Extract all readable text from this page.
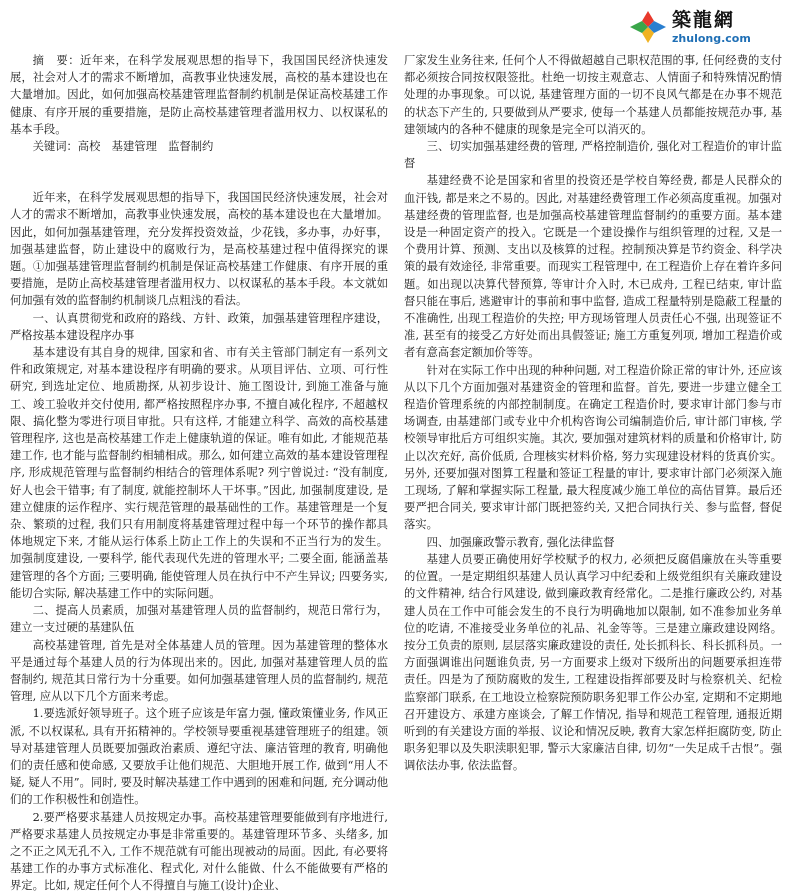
築龍網
zhulong.com

摘　要：近年来，在科学发展观思想的指导下，我国国民经济快速发展，社会对人才的需求不断增加，高教事业快速发展，高校的基本建设也在大量增加。因此，如何加强高校基建管理监督制约机制是保证高校基建工作健康、有序开展的重要措施，是防止高校基建管理者滥用权力、以权谋私的基本手段。

关键词：高校　基建管理　监督制约

近年来，在科学发展观思想的指导下，我国国民经济快速发展，社会对人才的需求不断增加，高教事业快速发展，高校的基本建设也在大量增加。因此，如何加强基建管理，充分发挥投资效益，少花钱，多办事，办好事，加强基建监督，防止建设中的腐败行为，是高校基建过程中值得探究的课题。①加强基建管理监督制约机制是保证高校基建工作健康、有序开展的重要措施，是防止高校基建管理者滥用权力、以权谋私的基本手段。本文就如何加强有效的监督制约机制谈几点粗浅的看法。

一、认真贯彻党和政府的路线、方针、政策，加强基建管理程序建设，严格按基本建设程序办事

基本建设有其自身的规律, 国家和省、市有关主管部门制定有一系列文件和政策规定, 对基本建设程序有明确的要求。从项目评估、立项、可行性研究, 到选址定位、地质勘探, 从初步设计、施工图设计, 到施工准备与施工、竣工验收并交付使用, 都严格按照程序办事, 不擅自减化程序, 不超越权限、搞化整为零进行项目审批。只有这样, 才能建立科学、高效的高校基建管理程序, 这也是高校基建工作走上健康轨道的保证。唯有如此, 才能规范基建工作, 也才能与监督制约相辅相成。那么, 如何建立高效的基本建设管理程序, 形成规范管理与监督制约相结合的管理体系呢? 列宁曾说过: “没有制度, 好人也会干错事; 有了制度, 就能控制坏人干坏事。”因此, 加强制度建设, 是建立健康的运作程序、实行规范管理的最基础性的工作。基建管理是一个复杂、繁琐的过程, 我们只有用制度将基建管理过程中每一个环节的操作都具体地规定下来, 才能从运行体系上防止工作上的失误和不正当行为的发生。加强制度建设, 一要科学, 能代表现代先进的管理水平; 二要全面, 能涵盖基建管理的各个方面; 三要明确, 能使管理人员在执行中不产生异议; 四要务实, 能切合实际, 解决基建工作中的实际问题。

二、提高人员素质，加强对基建管理人员的监督制约，规范日常行为，建立一支过硬的基建队伍

高校基建管理, 首先是对全体基建人员的管理。因为基建管理的整体水平是通过每个基建人员的行为体现出来的。因此, 加强对基建管理人员的监督制约, 规范其日常行为十分重要。如何加强基建管理人员的监督制约, 规范管理, 应从以下几个方面来考虑。

1.要选派好领导班子。这个班子应该是年富力强, 懂政策懂业务, 作风正派, 不以权谋私, 具有开拓精神的。学校领导要重视基建管理班子的组建。领导对基建管理人员既要加强政治素质、遵纪守法、廉洁管理的教育, 明确他们的责任感和使命感, 又要放手让他们规范、大胆地开展工作, 做到“用人不疑, 疑人不用”。同时, 要及时解决基建工作中遇到的困难和问题, 充分调动他们的工作积极性和创造性。

2.要严格要求基建人员按规定办事。高校基建管理要能做到有序地进行, 严格要求基建人员按规定办事是非常重要的。基建管理环节多、头绪多, 加之不正之风无孔不入, 工作不规范就有可能出现被动的局面。因此, 有必要将基建工作的办事方式标准化、程式化, 对什么能做、什么不能做要有严格的界定。比如, 规定任何个人不得擅自与施工(设计)企业、

厂家发生业务往来, 任何个人不得做超越自己职权范围的事, 任何经费的支付都必须按合同按权限签批。杜绝一切按主观意志、人情面子和特殊情况酌情处理的办事现象。可以说, 基建管理方面的一切不良风气都是在办事不规范的状态下产生的, 只要做到从严要求, 使每一个基建人员都能按规范办事, 基建领域内的各种不健康的现象是完全可以消灭的。

三、切实加强基建经费的管理, 严格控制造价, 强化对工程造价的审计监督

基建经费不论是国家和省里的投资还是学校自筹经费, 都是人民群众的血汗钱, 都是来之不易的。因此, 对基建经费管理工作必须高度重视。加强对基建经费的管理监督, 也是加强高校基建管理监督制约的重要方面。基本建设是一种固定资产的投入。它既是一个建设操作与组织管理的过程, 又是一个费用计算、预测、支出以及核算的过程。控制预决算是节约资金、科学决策的最有效途径, 非常重要。而现实工程管理中, 在工程造价上存在着许多问题。如出现以决算代替预算, 等审计介入时, 木已成舟, 工程已结束, 审计监督只能在事后, 逃避审计的事前和事中监督, 造成工程量特别是隐蔽工程量的不准确性, 出现工程造价的失控; 甲方现场管理人员责任心不强, 出现签证不准, 甚至有的接受乙方好处而出具假签证; 施工方重复列项, 增加工程造价或者有意高套定额加价等等。

针对在实际工作中出现的种种问题, 对工程造价除正常的审计外, 还应该从以下几个方面加强对基建资金的管理和监督。首先, 要进一步建立健全工程造价管理系统的内部控制制度。在确定工程造价时, 要求审计部门参与市场调查, 由基建部门或专业中介机构咨询公司编制造价后, 审计部门审核, 学校领导审批后方可组织实施。其次, 要加强对建筑材料的质量和价格审计, 防止以次充好, 高价低质, 合理核实材料价格, 努力实现建设材料的货真价实。另外, 还要加强对图算工程量和签证工程量的审计, 要求审计部门必须深入施工现场, 了解和掌握实际工程量, 最大程度减少施工单位的高估冒算。最后还要严把合同关, 要求审计部门既把签约关, 又把合同执行关、参与监督, 督促落实。

四、加强廉政警示教育, 强化法律监督

基建人员要正确使用好学校赋予的权力, 必须把反腐倡廉放在头等重要的位置。一是定期组织基建人员认真学习中纪委和上级党组织有关廉政建设的文件精神, 结合行风建设, 做到廉政教育经常化。二是推行廉政公约, 对基建人员在工作中可能会发生的不良行为明确地加以限制, 如不准参加业务单位的吃请, 不准接受业务单位的礼品、礼金等等。三是建立廉政建设网络。按分工负责的原则, 层层落实廉政建设的责任, 处长抓科长、科长抓科员。一方面强调谁出问题谁负责, 另一方面要求上级对下级所出的问题要承担连带责任。四是为了预防腐败的发生, 工程建设指挥部要及时与检察机关、纪检监察部门联系, 在工地设立检察院预防职务犯罪工作公办室, 定期和不定期地召开建设方、承建方座谈会, 了解工作情况, 指导和规范工程管理, 通报近期听到的有关建设方面的举报、议论和情况反映, 教育大家怎样拒腐防变, 防止职务犯罪以及失职渎职犯罪, 警示大家廉洁自律, 切勿“一失足成千古恨”。强调依法办事, 依法监督。
